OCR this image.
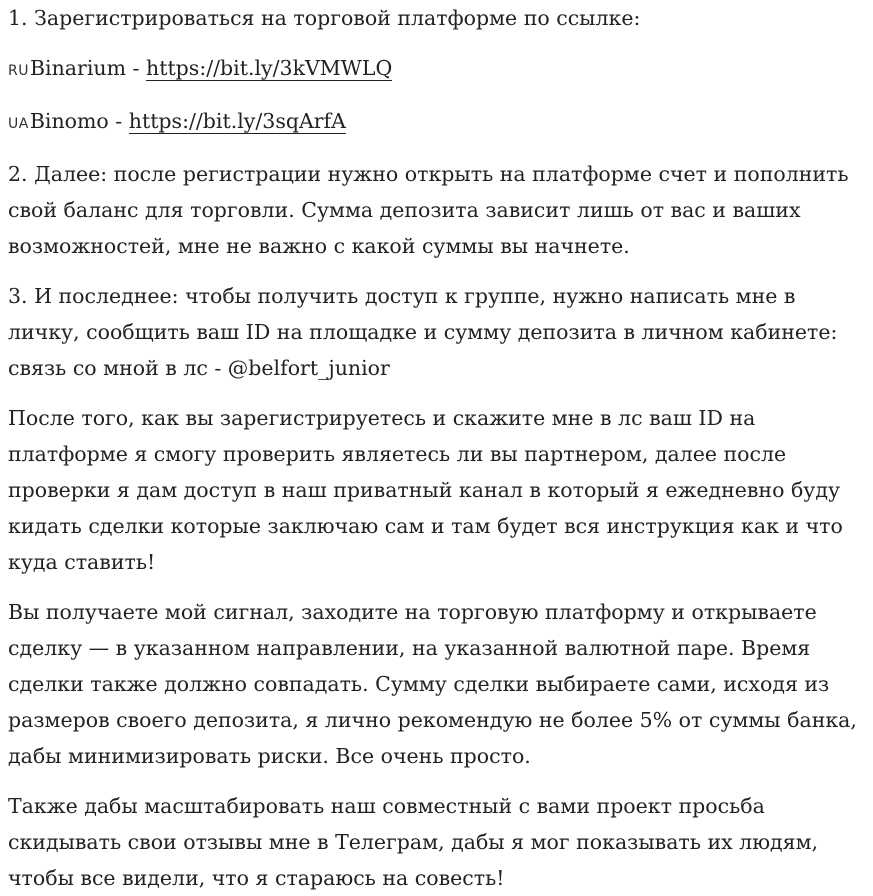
1. Зарегистрироваться на торговой платформе по ссылке:

RUBinarium - https://bit.ly/3kVMWLQ

UABinomo - https://bit.ly/3sqArfA

2. Далее: после регистрации нужно открыть на платформе счет и пополнить свой баланс для торговли. Сумма депозита зависит лишь от вас и ваших возможностей, мне не важно с какой суммы вы начнете.

3. И последнее: чтобы получить доступ к группе, нужно написать мне в личку, сообщить ваш ID на площадке и сумму депозита в личном кабинете: связь со мной в лс - @belfort_junior

После того, как вы зарегистрируетесь и скажите мне в лс ваш ID на платформе я смогу проверить являетесь ли вы партнером, далее после проверки я дам доступ в наш приватный канал в который я ежедневно буду кидать сделки которые заключаю сам и там будет вся инструкция как и что куда ставить!

Вы получаете мой сигнал, заходите на торговую платформу и открываете сделку — в указанном направлении, на указанной валютной паре. Время сделки также должно совпадать. Сумму сделки выбираете сами, исходя из размеров своего депозита, я лично рекомендую не более 5% от суммы банка, дабы минимизировать риски. Все очень просто.

Также дабы масштабировать наш совместный с вами проект просьба скидывать свои отзывы мне в Телеграм, дабы я мог показывать их людям, чтобы все видели, что я стараюсь на совесть!
